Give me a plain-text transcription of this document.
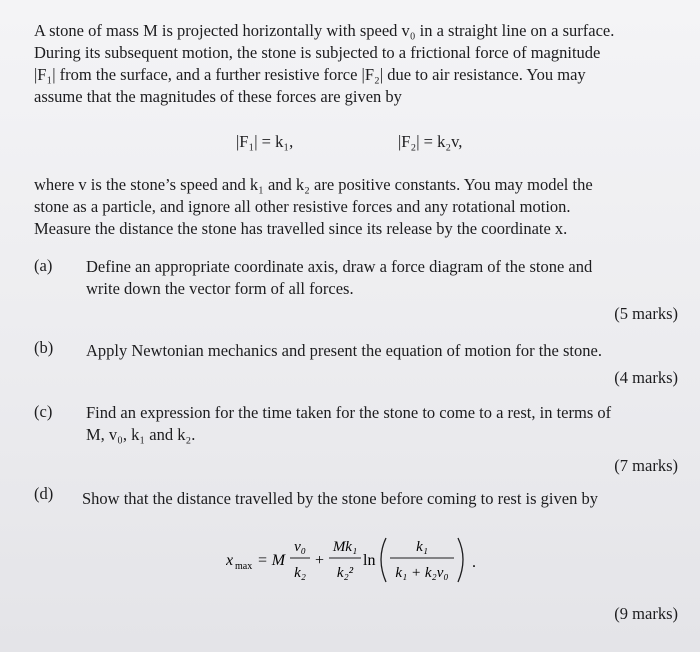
A stone of mass M is projected horizontally with speed v₀ in a straight line on a surface.
During its subsequent motion, the stone is subjected to a frictional force of magnitude
|F₁| from the surface, and a further resistive force |F₂| due to air resistance. You may
assume that the magnitudes of these forces are given by
|F₁| = k₁,	|F₂| = k₂v,
where v is the stone’s speed and k₁ and k₂ are positive constants. You may model the
stone as a particle, and ignore all other resistive forces and any rotational motion.
Measure the distance the stone has travelled since its release by the coordinate x.
(a) Define an appropriate coordinate axis, draw a force diagram of the stone and
write down the vector form of all forces.
(5 marks)
(b) Apply Newtonian mechanics and present the equation of motion for the stone.
(4 marks)
(c) Find an expression for the time taken for the stone to come to a rest, in terms of
M, v₀, k₁ and k₂.
(7 marks)
(d) Show that the distance travelled by the stone before coming to rest is given by
x max = M
v₀
k₂
+
Mk₁
k₂²
ln
k₁
k₁ + k₂v₀
.
(9 marks)
